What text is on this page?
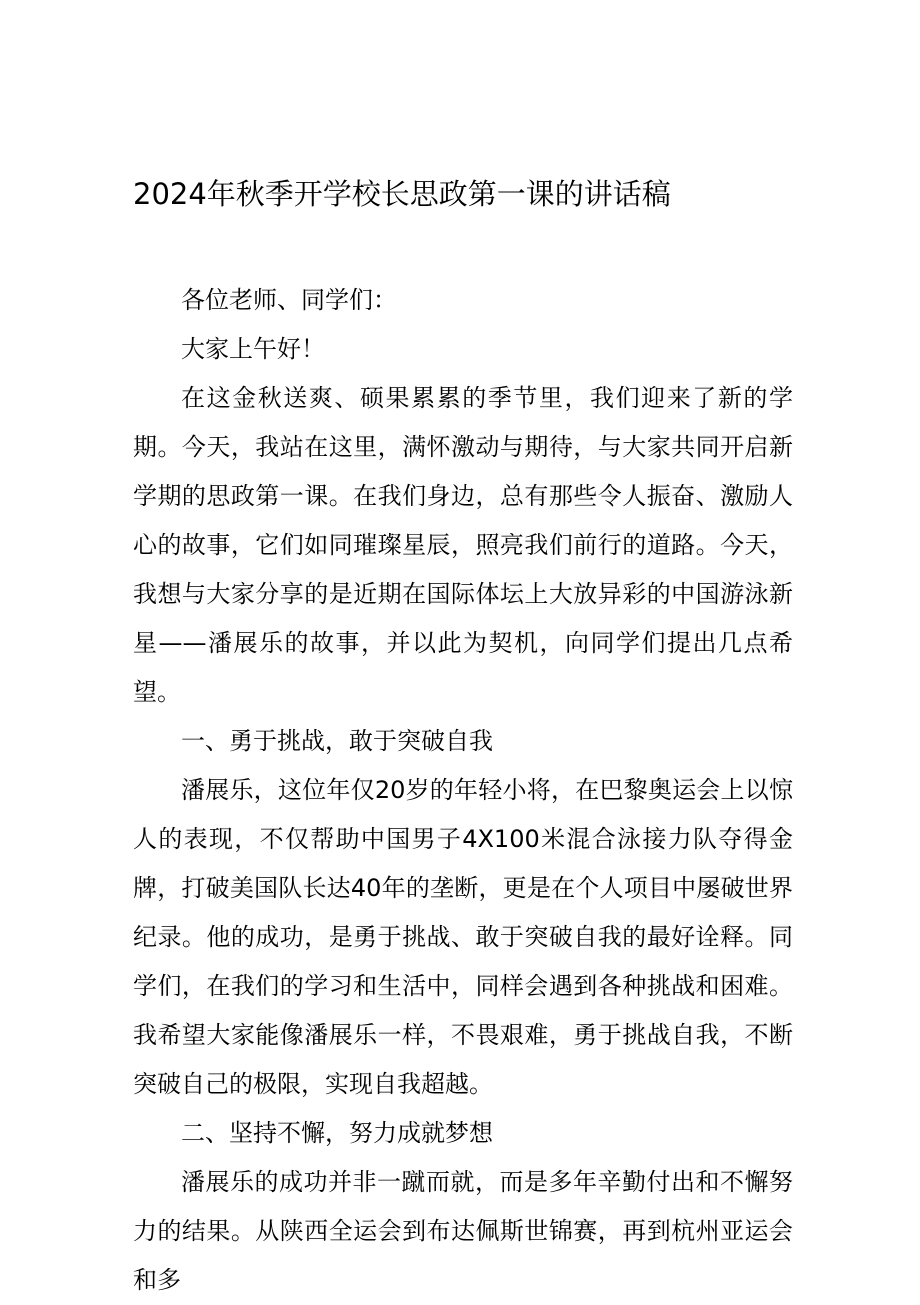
2024年秋季开学校长思政第一课的讲话稿

各位老师、同学们：

大家上午好！

在这金秋送爽、硕果累累的季节里，我们迎来了新的学期。今天，我站在这里，满怀激动与期待，与大家共同开启新学期的思政第一课。在我们身边，总有那些令人振奋、激励人心的故事，它们如同璀璨星辰，照亮我们前行的道路。今天，我想与大家分享的是近期在国际体坛上大放异彩的中国游泳新星——潘展乐的故事，并以此为契机，向同学们提出几点希望。

一、勇于挑战，敢于突破自我

潘展乐，这位年仅20岁的年轻小将，在巴黎奥运会上以惊人的表现，不仅帮助中国男子4X100米混合泳接力队夺得金牌，打破美国队长达40年的垄断，更是在个人项目中屡破世界纪录。他的成功，是勇于挑战、敢于突破自我的最好诠释。同学们，在我们的学习和生活中，同样会遇到各种挑战和困难。我希望大家能像潘展乐一样，不畏艰难，勇于挑战自我，不断突破自己的极限，实现自我超越。

二、坚持不懈，努力成就梦想

潘展乐的成功并非一蹴而就，而是多年辛勤付出和不懈努力的结果。从陕西全运会到布达佩斯世锦赛，再到杭州亚运会和多
